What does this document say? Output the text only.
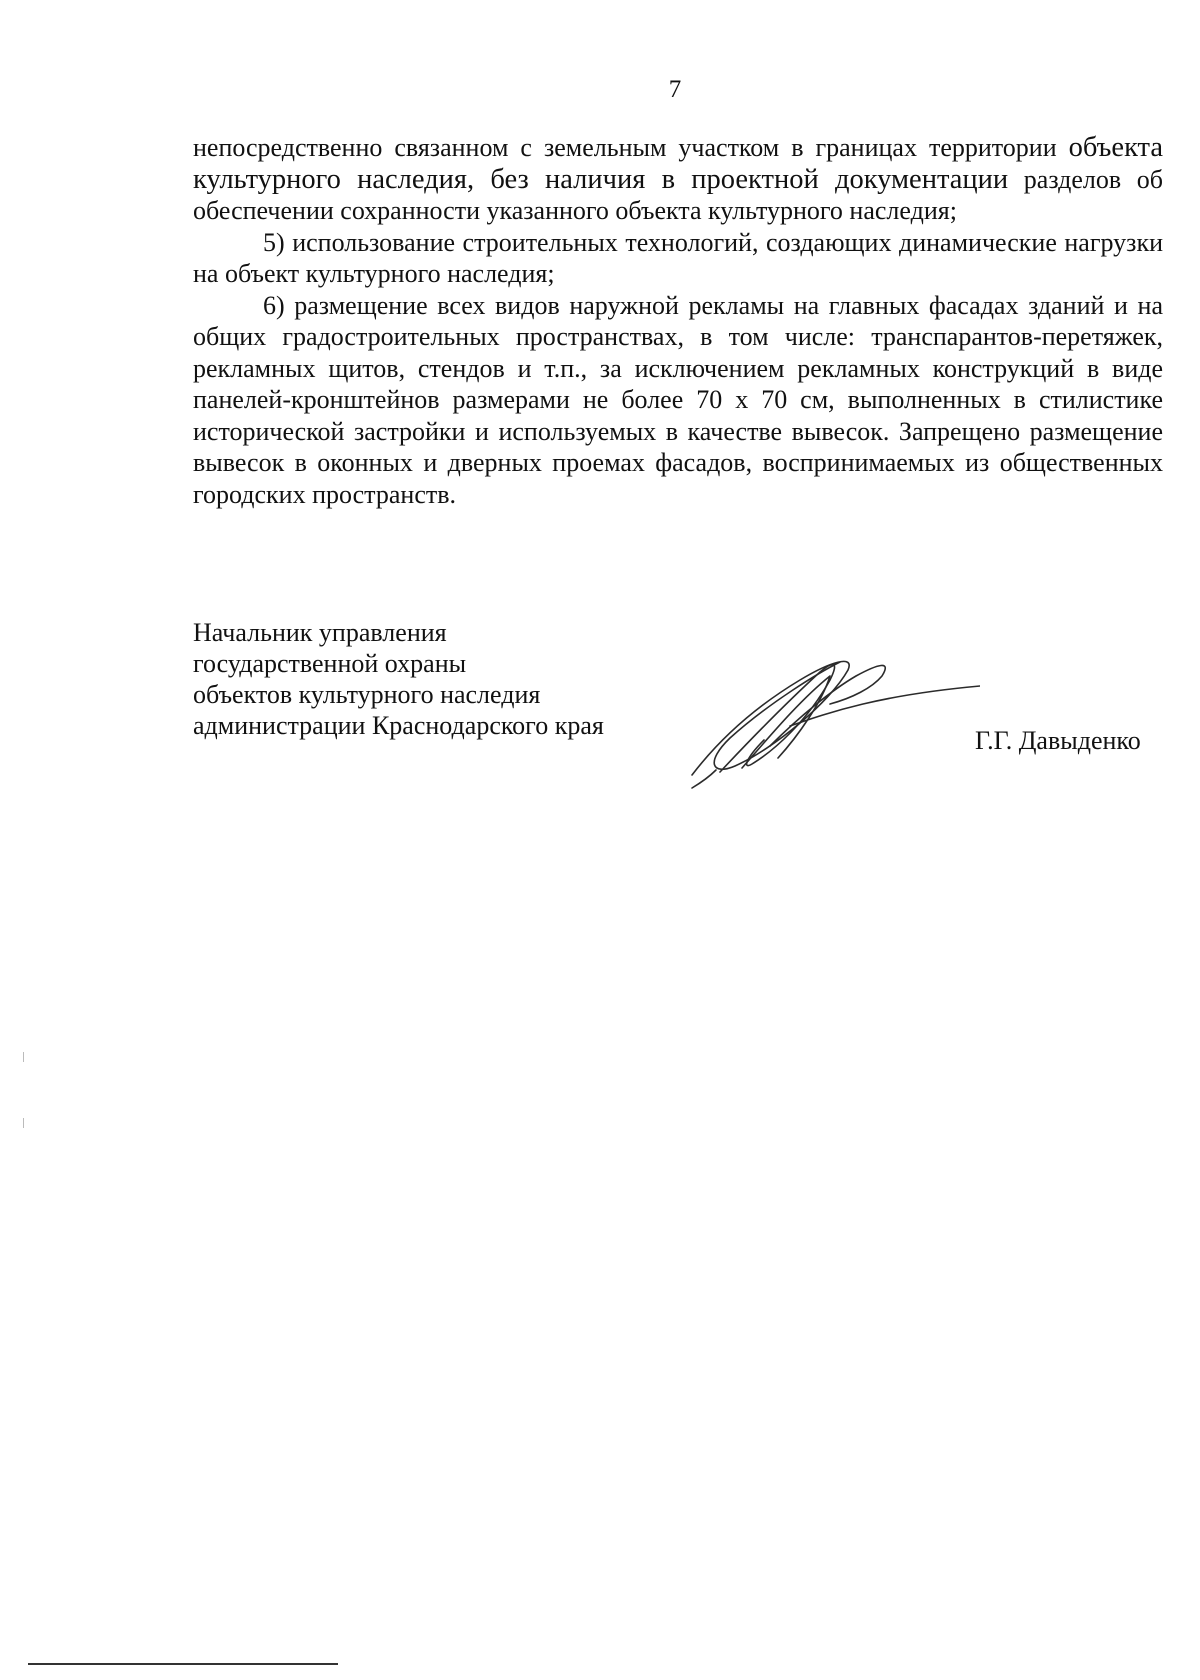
7

непосредственно связанном с земельным участком в границах территории объекта культурного наследия, без наличия в проектной документации разделов об обеспечении сохранности указанного объекта культурного наследия;

5) использование строительных технологий, создающих динамические нагрузки на объект культурного наследия;

6) размещение всех видов наружной рекламы на главных фасадах зданий и на общих градостроительных пространствах, в том числе: транспарантов-перетяжек, рекламных щитов, стендов и т.п., за исключением рекламных конструкций в виде панелей-кронштейнов размерами не более 70 х 70 см, выполненных в стилистике исторической застройки и используемых в качестве вывесок. Запрещено размещение вывесок в оконных и дверных проемах фасадов, воспринимаемых из общественных городских пространств.

Начальник управления
государственной охраны
объектов культурного наследия
администрации Краснодарского края
Г.Г. Давыденко
